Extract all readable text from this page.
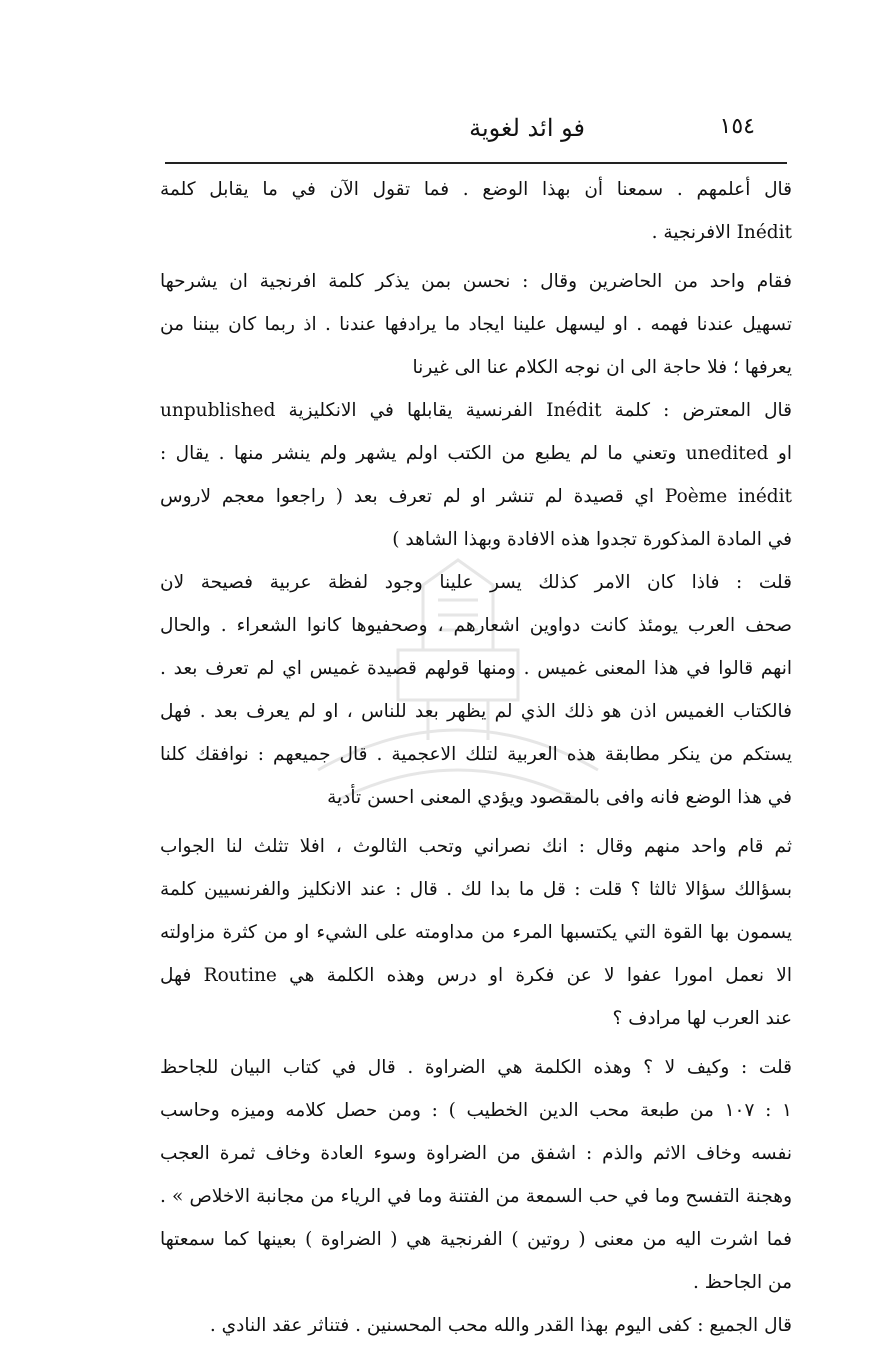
١٥٤
فو ائد لغوية
قال أعلمهم . سمعنا أن بهذا الوضع . فما تقول الآن في ما يقابل كلمة
Inédit الافرنجية .
فقام واحد من الحاضرين وقال : نحسن بمن يذكر كلمة افرنجية ان يشرحها
تسهيل عندنا فهمه . او ليسهل علينا ايجاد ما يرادفها عندنا . اذ ربما كان بيننا من
يعرفها ؛ فلا حاجة الى ان نوجه الكلام عنا الى غيرنا
قال المعترض : كلمة Inédit الفرنسية يقابلها في الانكليزية unpublished
او unedited وتعني ما لم يطبع من الكتب اولم يشهر ولم ينشر منها . يقال :
Poème inédit اي قصيدة لم تنشر او لم تعرف بعد ( راجعوا معجم لاروس
في المادة المذكورة تجدوا هذه الافادة وبهذا الشاهد )
قلت : فاذا كان الامر كذلك يسر علينا وجود لفظة عربية فصيحة لان
صحف العرب يومئذ كانت دواوين اشعارهم ، وصحفيوها كانوا الشعراء . والحال
انهم قالوا في هذا المعنى غميس . ومنها قولهم قصيدة غميس اي لم تعرف بعد .
فالكتاب الغميس اذن هو ذلك الذي لم يظهر بعد للناس ، او لم يعرف بعد . فهل
يستكم من ينكر مطابقة هذه العربية لتلك الاعجمية . قال جميعهم : نوافقك كلنا
في هذا الوضع فانه وافى بالمقصود ويؤدي المعنى احسن تأدية
ثم قام واحد منهم وقال : انك نصراني وتحب الثالوث ، افلا تثلث لنا الجواب
بسؤالك سؤالا ثالثا ؟ قلت : قل ما بدا لك . قال : عند الانكليز والفرنسيين كلمة
يسمون بها القوة التي يكتسبها المرء من مداومته على الشيء او من كثرة مزاولته
الا نعمل امورا عفوا لا عن فكرة او درس وهذه الكلمة هي Routine فهل
عند العرب لها مرادف ؟
قلت : وكيف لا ؟ وهذه الكلمة هي الضراوة . قال في كتاب البيان للجاحظ
١ : ١٠٧ من طبعة محب الدين الخطيب ) : ومن حصل كلامه وميزه وحاسب
نفسه وخاف الاثم والذم : اشفق من الضراوة وسوء العادة وخاف ثمرة العجب
وهجنة التفسح وما في حب السمعة من الفتنة وما في الرياء من مجانبة الاخلاص » .
فما اشرت اليه من معنى ( روتين ) الفرنجية هي ( الضراوة ) بعينها كما سمعتها
من الجاحظ .
قال الجميع : كفى اليوم بهذا القدر والله محب المحسنين . فتناثر عقد النادي .
